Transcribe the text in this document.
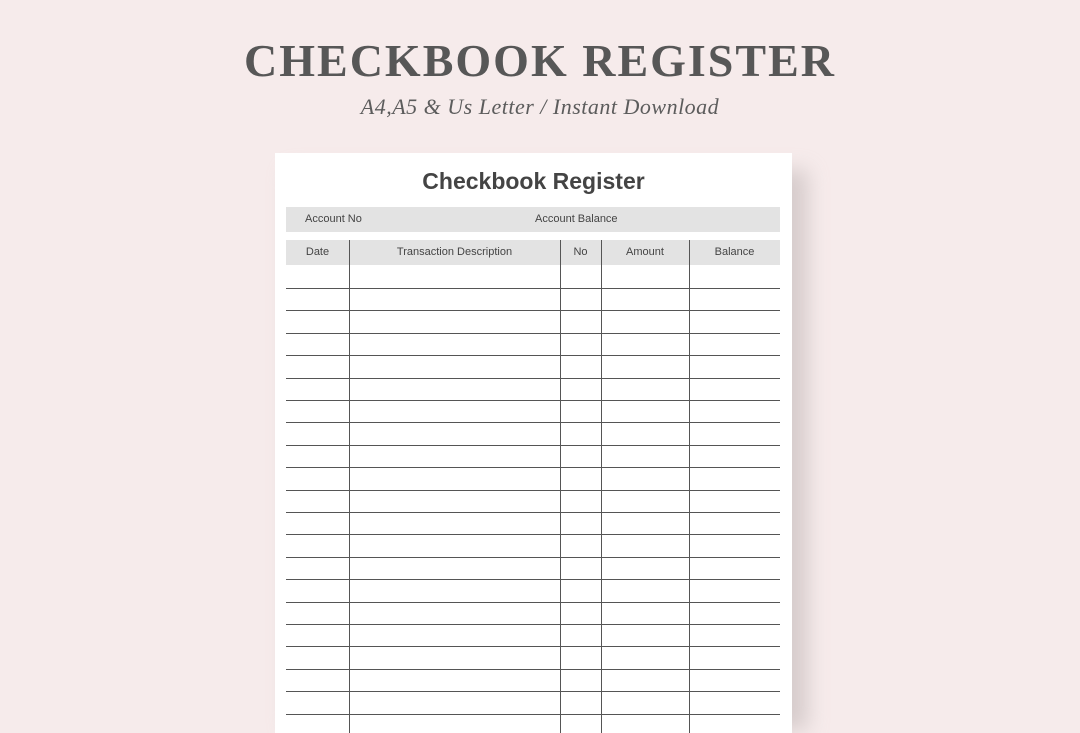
CHECKBOOK REGISTER
A4,A5 & Us Letter / Instant Download
Checkbook Register
Account No	Account Balance
Date	Transaction Description	No	Amount	Balance
